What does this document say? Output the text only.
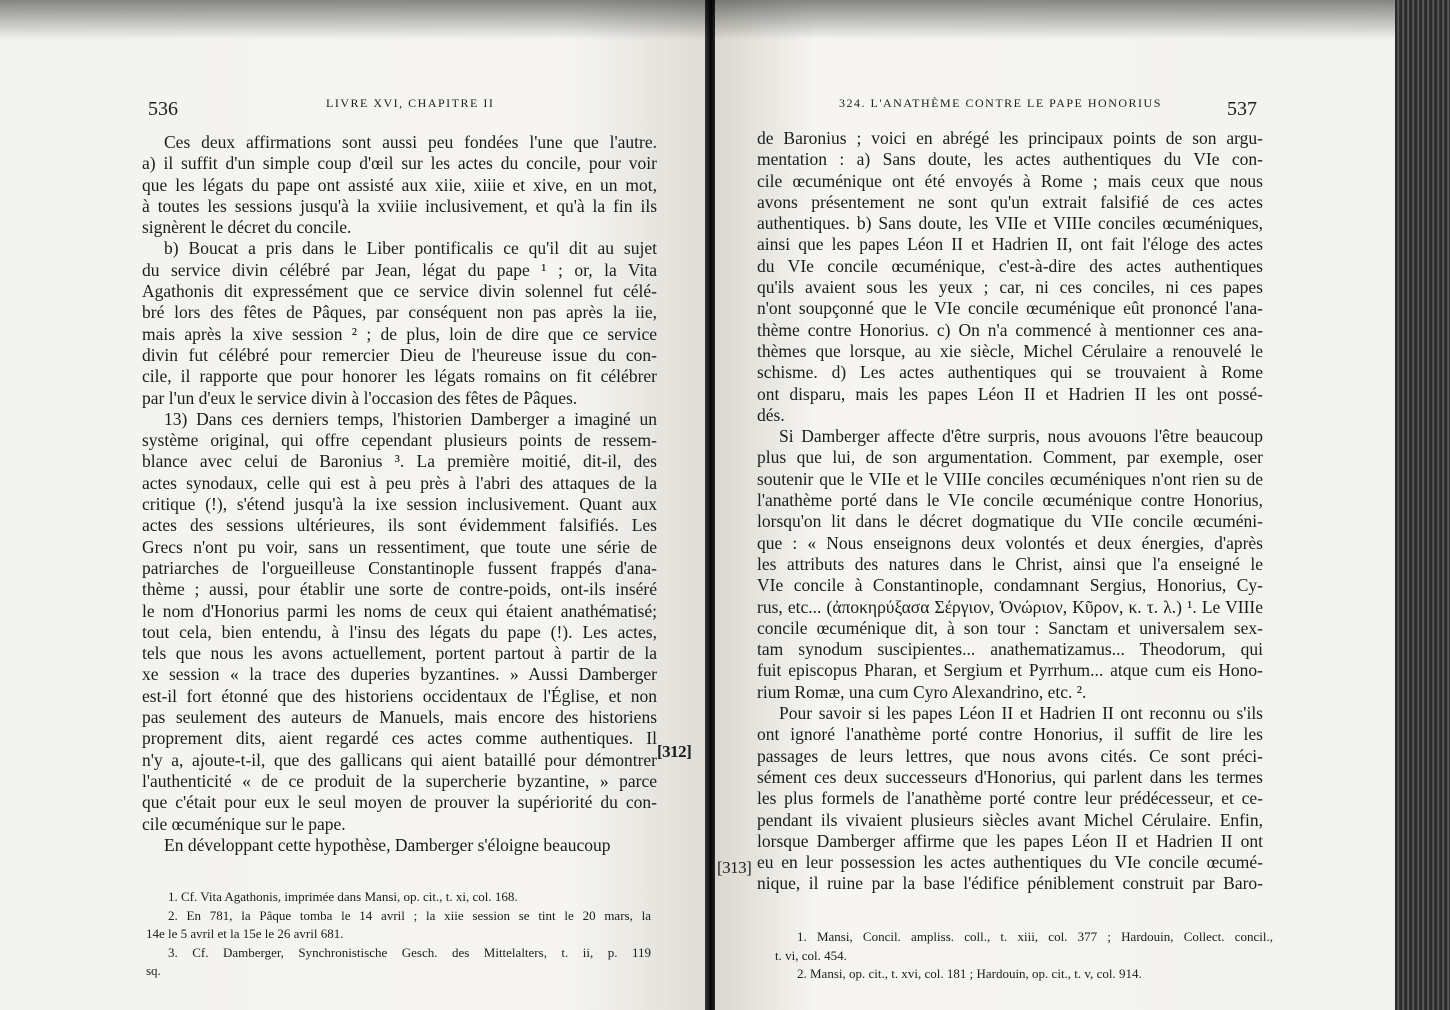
536	LIVRE XVI, CHAPITRE II
Ces deux affirmations sont aussi peu fondées l'une que l'autre.
a) il suffit d'un simple coup d'œil sur les actes du concile, pour voir
que les légats du pape ont assisté aux xiie, xiiie et xive, en un mot,
à toutes les sessions jusqu'à la xviiie inclusivement, et qu'à la fin ils
signèrent le décret du concile.
b) Boucat a pris dans le Liber pontificalis ce qu'il dit au sujet
du service divin célébré par Jean, légat du pape ¹ ; or, la Vita
Agathonis dit expressément que ce service divin solennel fut célé-
bré lors des fêtes de Pâques, par conséquent non pas après la iie,
mais après la xive session ² ; de plus, loin de dire que ce service
divin fut célébré pour remercier Dieu de l'heureuse issue du con-
cile, il rapporte que pour honorer les légats romains on fit célébrer
par l'un d'eux le service divin à l'occasion des fêtes de Pâques.
13) Dans ces derniers temps, l'historien Damberger a imaginé un
système original, qui offre cependant plusieurs points de ressem-
blance avec celui de Baronius ³. La première moitié, dit-il, des
actes synodaux, celle qui est à peu près à l'abri des attaques de la
critique (!), s'étend jusqu'à la ixe session inclusivement. Quant aux
actes des sessions ultérieures, ils sont évidemment falsifiés. Les
Grecs n'ont pu voir, sans un ressentiment, que toute une série de
patriarches de l'orgueilleuse Constantinople fussent frappés d'ana-
thème ; aussi, pour établir une sorte de contre-poids, ont-ils inséré
le nom d'Honorius parmi les noms de ceux qui étaient anathématisé;
tout cela, bien entendu, à l'insu des légats du pape (!). Les actes,
tels que nous les avons actuellement, portent partout à partir de la
xe session « la trace des duperies byzantines. » Aussi Damberger
est-il fort étonné que des historiens occidentaux de l'Église, et non
pas seulement des auteurs de Manuels, mais encore des historiens
proprement dits, aient regardé ces actes comme authentiques. Il
n'y a, ajoute-t-il, que des gallicans qui aient bataillé pour démontrer
l'authenticité « de ce produit de la supercherie byzantine, » parce
que c'était pour eux le seul moyen de prouver la supériorité du con-
cile œcuménique sur le pape.
En développant cette hypothèse, Damberger s'éloigne beaucoup
1. Cf. Vita Agathonis, imprimée dans Mansi, op. cit., t. xi, col. 168.
2. En 781, la Pâque tomba le 14 avril ; la xiie session se tint le 20 mars, la
14e le 5 avril et la 15e le 26 avril 681.
3. Cf. Damberger, Synchronistische Gesch. des Mittelalters, t. ii, p. 119
sq.
[312]
324. L'ANATHÈME CONTRE LE PAPE HONORIUS	537
de Baronius ; voici en abrégé les principaux points de son argu-
mentation : a) Sans doute, les actes authentiques du VIe con-
cile œcuménique ont été envoyés à Rome ; mais ceux que nous
avons présentement ne sont qu'un extrait falsifié de ces actes
authentiques. b) Sans doute, les VIIe et VIIIe conciles œcuméniques,
ainsi que les papes Léon II et Hadrien II, ont fait l'éloge des actes
du VIe concile œcuménique, c'est-à-dire des actes authentiques
qu'ils avaient sous les yeux ; car, ni ces conciles, ni ces papes
n'ont soupçonné que le VIe concile œcuménique eût prononcé l'ana-
thème contre Honorius. c) On n'a commencé à mentionner ces ana-
thèmes que lorsque, au xie siècle, Michel Cérulaire a renouvelé le
schisme. d) Les actes authentiques qui se trouvaient à Rome
ont disparu, mais les papes Léon II et Hadrien II les ont possé-
dés.
Si Damberger affecte d'être surpris, nous avouons l'être beaucoup
plus que lui, de son argumentation. Comment, par exemple, oser
soutenir que le VIIe et le VIIIe conciles œcuméniques n'ont rien su de
l'anathème porté dans le VIe concile œcuménique contre Honorius,
lorsqu'on lit dans le décret dogmatique du VIIe concile œcuméni-
que : « Nous enseignons deux volontés et deux énergies, d'après
les attributs des natures dans le Christ, ainsi que l'a enseigné le
VIe concile à Constantinople, condamnant Sergius, Honorius, Cy-
rus, etc... (ἀποκηρύξασα Σέργιον, Ὀνώριον, Κῦρον, κ. τ. λ.) ¹. Le VIIIe
concile œcuménique dit, à son tour : Sanctam et universalem sex-
tam synodum suscipientes... anathematizamus... Theodorum, qui
fuit episcopus Pharan, et Sergium et Pyrrhum... atque cum eis Hono-
rium Romæ, una cum Cyro Alexandrino, etc. ².
Pour savoir si les papes Léon II et Hadrien II ont reconnu ou s'ils
ont ignoré l'anathème porté contre Honorius, il suffit de lire les
passages de leurs lettres, que nous avons cités. Ce sont préci-
sément ces deux successeurs d'Honorius, qui parlent dans les termes
les plus formels de l'anathème porté contre leur prédécesseur, et ce-
pendant ils vivaient plusieurs siècles avant Michel Cérulaire. Enfin,
lorsque Damberger affirme que les papes Léon II et Hadrien II ont
eu en leur possession les actes authentiques du VIe concile œcumé-
nique, il ruine par la base l'édifice péniblement construit par Baro-
1. Mansi, Concil. ampliss. coll., t. xiii, col. 377 ; Hardouin, Collect. concil.,
t. vi, col. 454.
2. Mansi, op. cit., t. xvi, col. 181 ; Hardouin, op. cit., t. v, col. 914.
[313]
